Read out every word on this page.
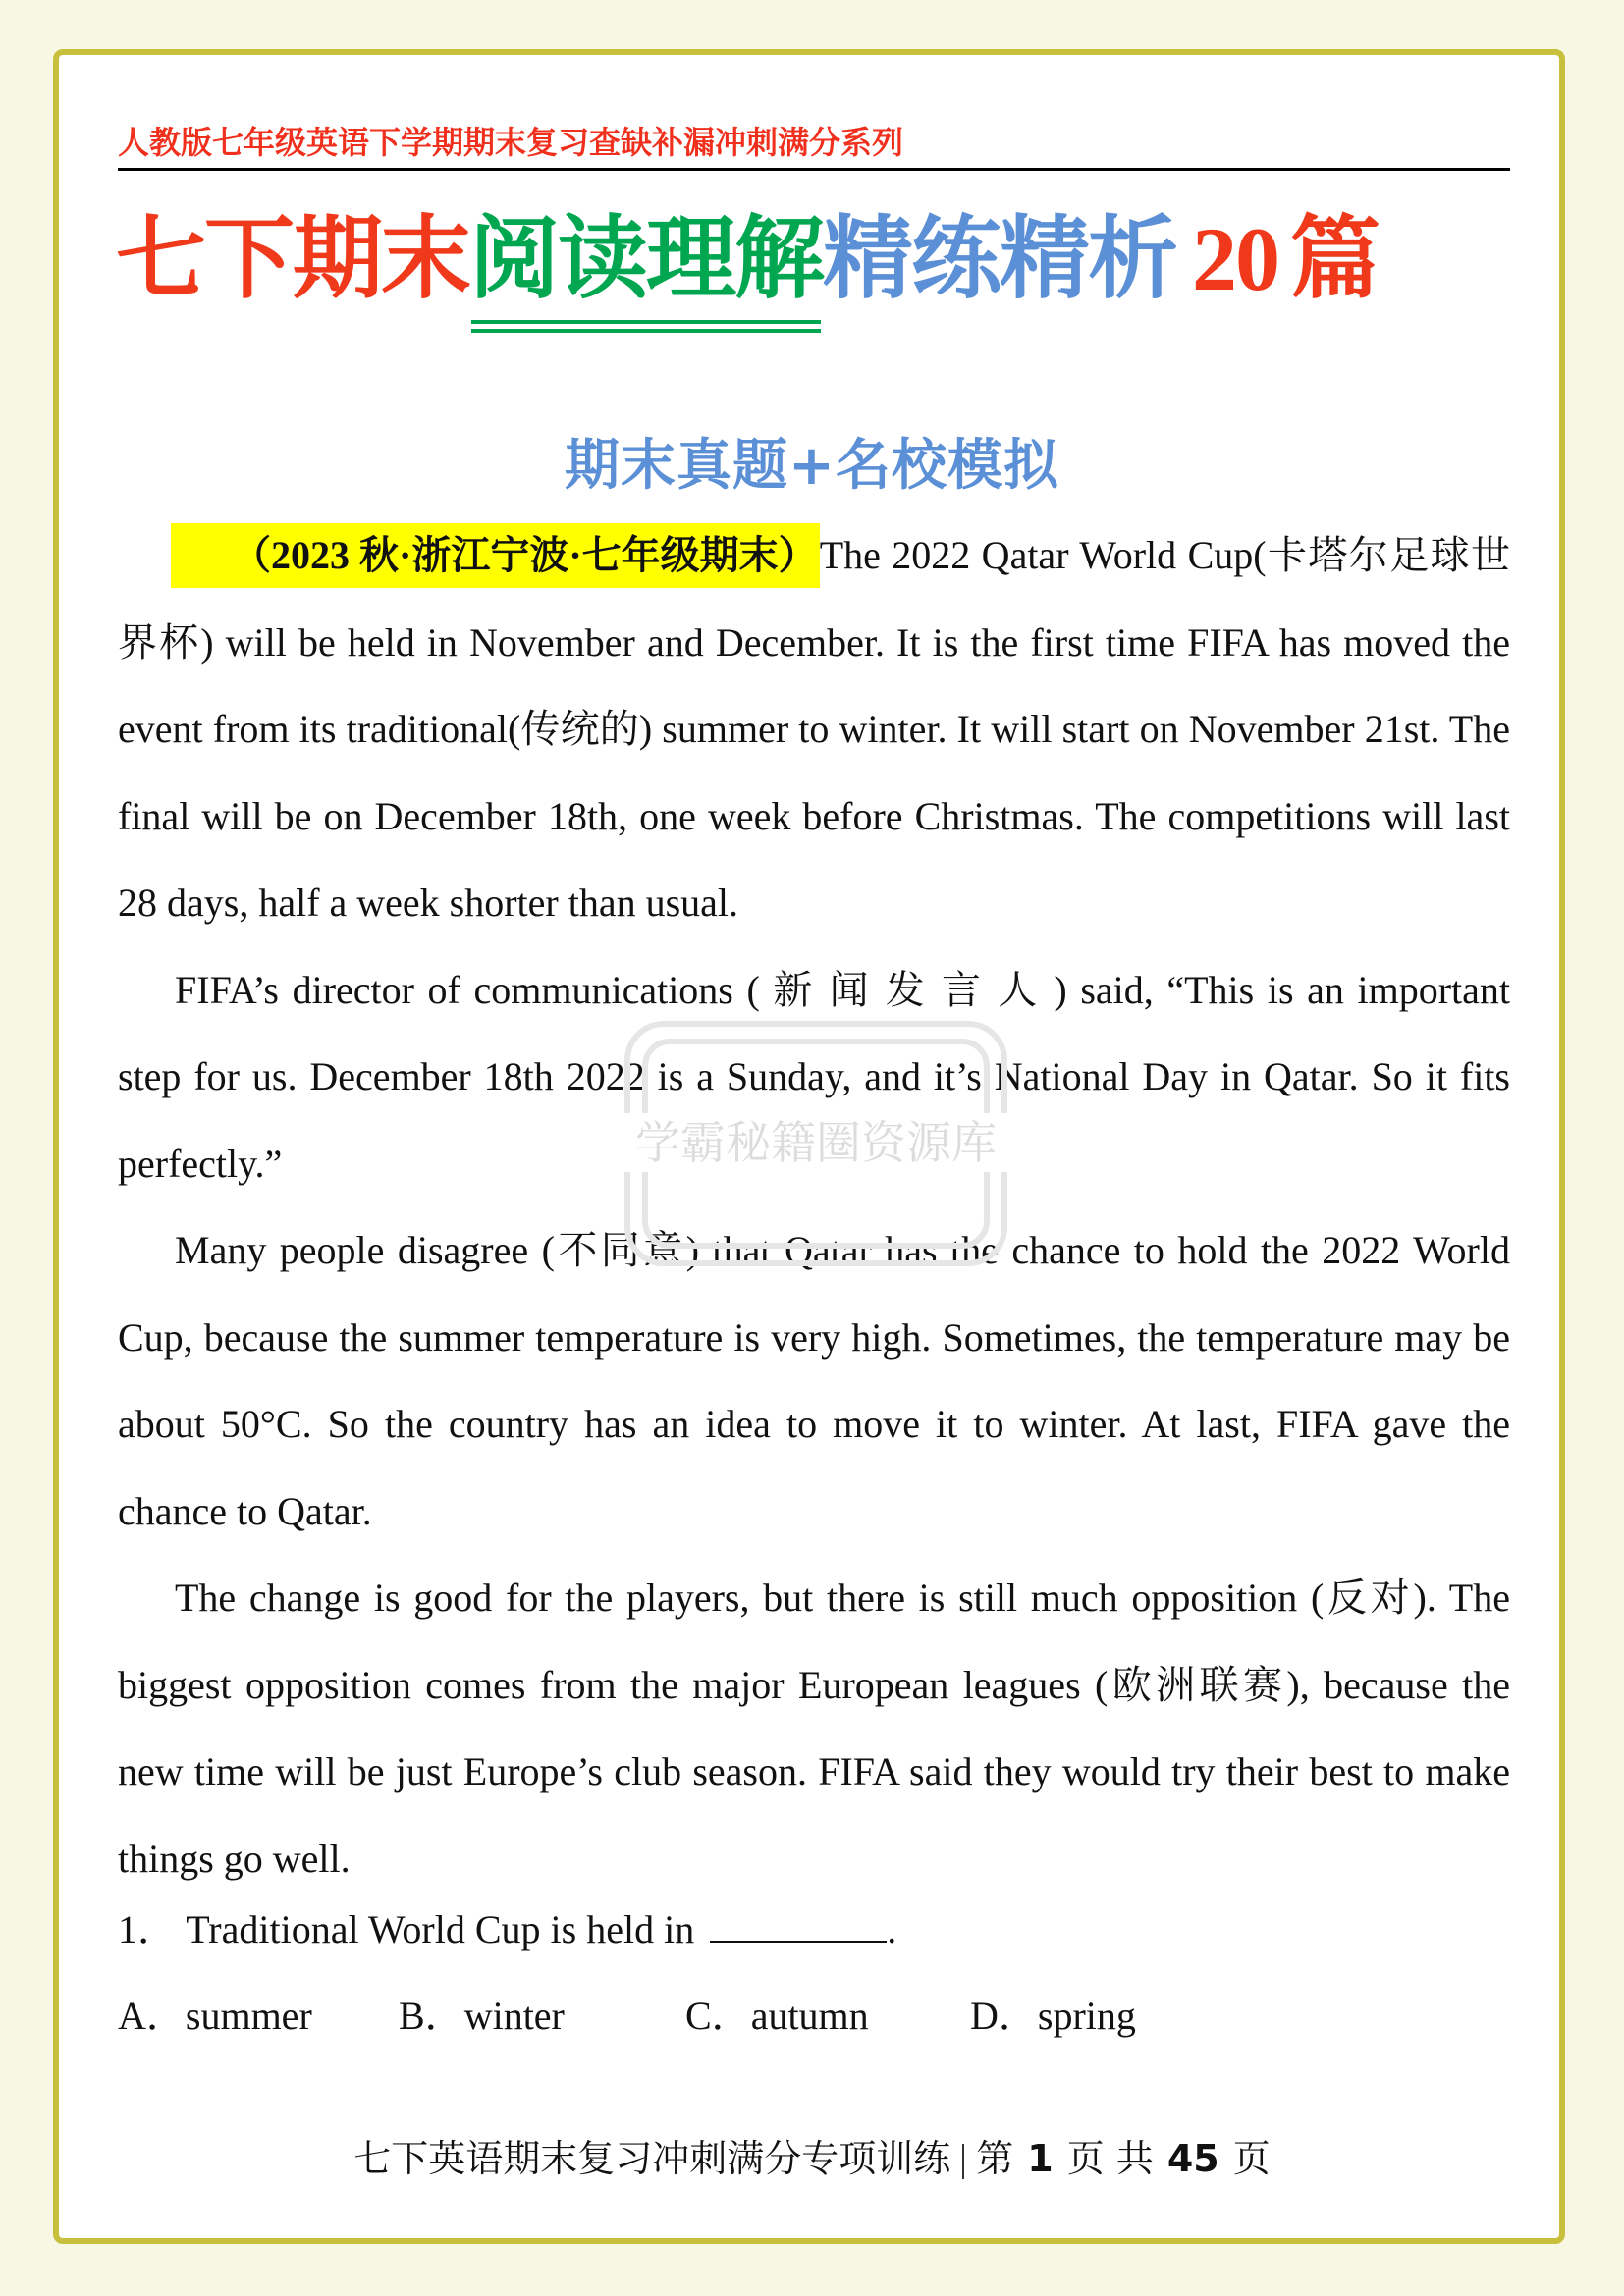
人教版七年级英语下学期期末复习查缺补漏冲刺满分系列
七下期末阅读理解精练精析 20 篇
期末真题+名校模拟

（2023 秋·浙江宁波·七年级期末）The 2022 Qatar World Cup(卡塔尔足球世界杯) will be held in November and December. It is the first time FIFA has moved the event from its traditional(传统的) summer to winter. It will start on November 21st. The final will be on December 18th, one week before Christmas. The competitions will last 28 days, half a week shorter than usual.

FIFA’s director of communications ( 新 闻 发 言 人 ) said, “This is an important step for us. December 18th 2022 is a Sunday, and it’s National Day in Qatar. So it fits perfectly.”

Many people disagree (不同意) that Qatar has the chance to hold the 2022 World Cup, because the summer temperature is very high. Sometimes, the temperature may be about 50°C. So the country has an idea to move it to winter. At last, FIFA gave the chance to Qatar.

The change is good for the players, but there is still much opposition (反对). The biggest opposition comes from the major European leagues (欧洲联赛), because the new time will be just Europe’s club season. FIFA said they would try their best to make things go well.

学霸秘籍圈资源库
1． Traditional World Cup is held in	.
A．summer B．winter	C．autumn	D．spring
七下英语期末复习冲刺满分专项训练 第 1 页 共 45 页
